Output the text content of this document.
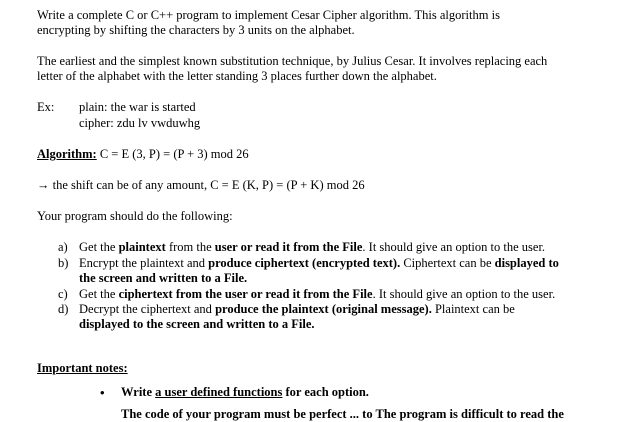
Write a complete C or C++ program to implement Cesar Cipher algorithm. This algorithm is
encrypting by shifting the characters by 3 units on the alphabet.
The earliest and the simplest known substitution technique, by Julius Cesar. It involves replacing each
letter of the alphabet with the letter standing 3 places further down the alphabet.
Ex: plain: the war is started
cipher: zdu lv vwduwhg
Algorithm: C = E (3, P) = (P + 3) mod 26
→ the shift can be of any amount, C = E (K, P) = (P + K) mod 26
Your program should do the following:
a) Get the plaintext from the user or read it from the File. It should give an option to the user.
b) Encrypt the plaintext and produce ciphertext (encrypted text). Ciphertext can be displayed to
the screen and written to a File.
c) Get the ciphertext from the user or read it from the File. It should give an option to the user.
d) Decrypt the ciphertext and produce the plaintext (original message). Plaintext can be
displayed to the screen and written to a File.
Important notes:
• Write a user defined functions for each option.
The code of your program must be perfect ... to The program is difficult to read the
